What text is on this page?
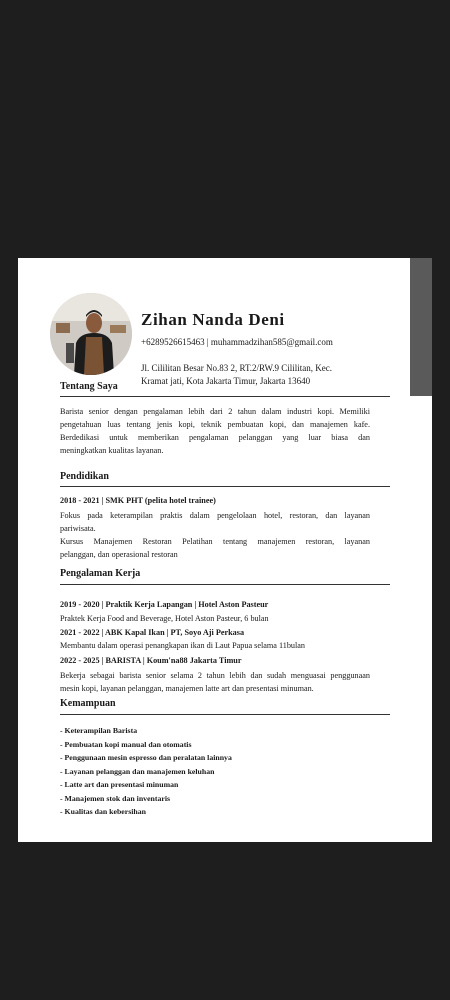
Zihan Nanda Deni
+6289526615463 | muhammadzihan585@gmail.com
Jl. Cililitan Besar No.83 2, RT.2/RW.9 Cililitan, Kec.
Kramat jati, Kota Jakarta Timur, Jakarta 13640
Tentang Saya
Barista senior dengan pengalaman lebih dari 2 tahun dalam industri kopi. Memiliki
pengetahuan luas tentang jenis kopi, teknik pembuatan kopi, dan manajemen kafe.
Berdedikasi untuk memberikan pengalaman pelanggan yang luar biasa dan
meningkatkan kualitas layanan.
Pendidikan
2018 - 2021 | SMK PHT (pelita hotel trainee)
Fokus pada keterampilan praktis dalam pengelolaan hotel, restoran, dan layanan
pariwisata.
Kursus Manajemen Restoran Pelatihan tentang manajemen restoran, layanan
pelanggan, dan operasional restoran
Pengalaman Kerja
2019 - 2020 | Praktik Kerja Lapangan | Hotel Aston Pasteur
Praktek Kerja Food and Beverage, Hotel Aston Pasteur, 6 bulan
2021 - 2022 | ABK Kapal Ikan | PT, Soyo Aji Perkasa
Membantu dalam operasi penangkapan ikan di Laut Papua selama 11bulan
2022 - 2025 | BARISTA | Koum'na88 Jakarta Timur
Bekerja sebagai barista senior selama 2 tahun lebih dan sudah menguasai penggunaan
mesin kopi, layanan pelanggan, manajemen latte art dan presentasi minuman.
Kemampuan
- Keterampilan Barista
- Pembuatan kopi manual dan otomatis
- Penggunaan mesin espresso dan peralatan lainnya
- Layanan pelanggan dan manajemen keluhan
- Latte art dan presentasi minuman
- Manajemen stok dan inventaris
- Kualitas dan kebersihan
